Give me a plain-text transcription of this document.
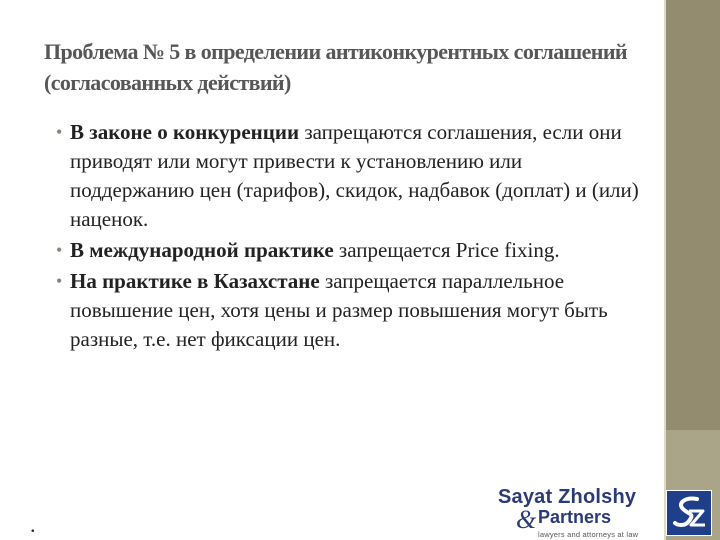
Проблема № 5 в определении антиконкурентных соглашений (согласованных действий)
• В законе о конкуренции запрещаются соглашения, если они приводят или могут привести к установлению или поддержанию цен (тарифов), скидок, надбавок (доплат) и (или) наценок.
• В международной практике запрещается Price fixing.
• На практике в Казахстане запрещается параллельное повышение цен, хотя цены и размер повышения могут быть разные, т.е. нет фиксации цен.
.
Sayat Zholshy
& Partners
lawyers and attorneys at law
